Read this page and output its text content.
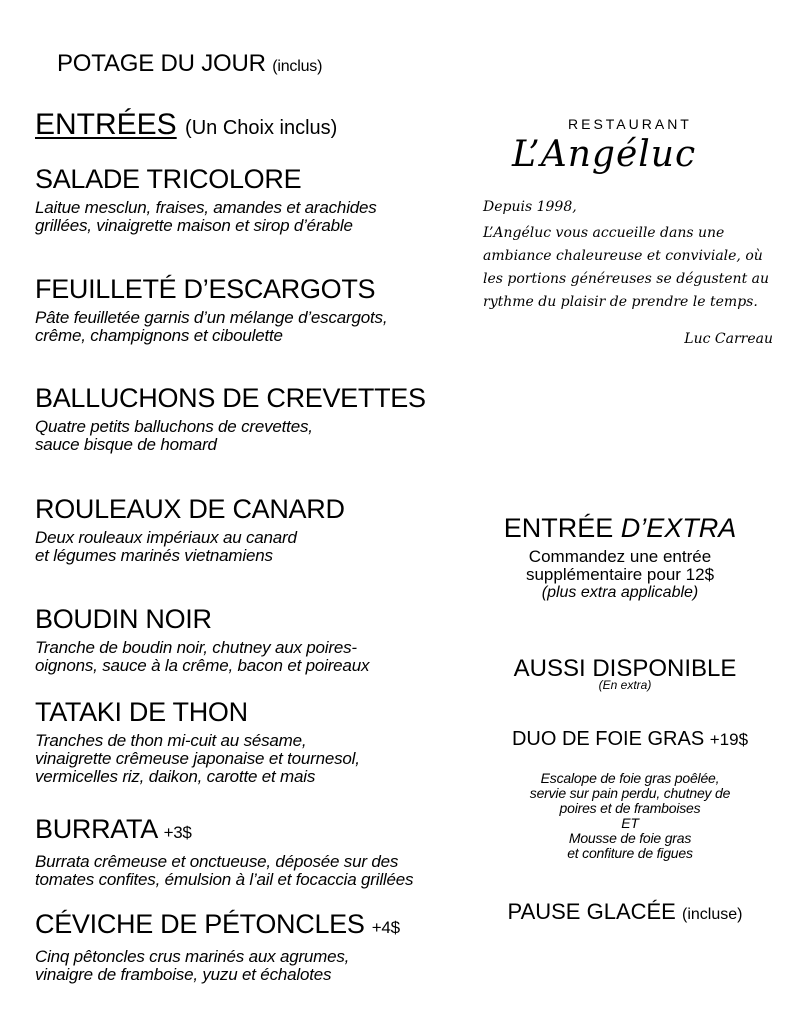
POTAGE DU JOUR (inclus)
ENTRÉES (Un Choix inclus)
SALADE TRICOLORE
Laitue mesclun, fraises, amandes et arachides
grillées, vinaigrette maison et sirop d’érable
FEUILLETÉ D’ESCARGOTS
Pâte feuilletée garnis d’un mélange d’escargots,
crême, champignons et ciboulette
BALLUCHONS DE CREVETTES
Quatre petits balluchons de crevettes,
sauce bisque de homard
ROULEAUX DE CANARD
Deux rouleaux impériaux au canard
et légumes marinés vietnamiens
BOUDIN NOIR
Tranche de boudin noir, chutney aux poires-
oignons, sauce à la crême, bacon et poireaux
TATAKI DE THON
Tranches de thon mi-cuit au sésame,
vinaigrette crêmeuse japonaise et tournesol,
vermicelles riz, daikon, carotte et mais
BURRATA +3$
Burrata crêmeuse et onctueuse, déposée sur des
tomates confites, émulsion à l’ail et focaccia grillées
CÉVICHE DE PÉTONCLES +4$
Cinq pêtoncles crus marinés aux agrumes,
vinaigre de framboise, yuzu et échalotes
RESTAURANT
L’Angéluc

Depuis 1998,

L’Angéluc vous accueille dans une ambiance chaleureuse et conviviale, où les portions généreuses se dégustent au rythme du plaisir de prendre le temps.

Luc Carreau

ENTRÉE D’EXTRA
Commandez une entrée
supplémentaire pour 12$
(plus extra applicable)
AUSSI DISPONIBLE
(En extra)
DUO DE FOIE GRAS +19$
Escalope de foie gras poêlée,
servie sur pain perdu, chutney de
poires et de framboises
ET
Mousse de foie gras
et confiture de figues
PAUSE GLACÉE (incluse)
